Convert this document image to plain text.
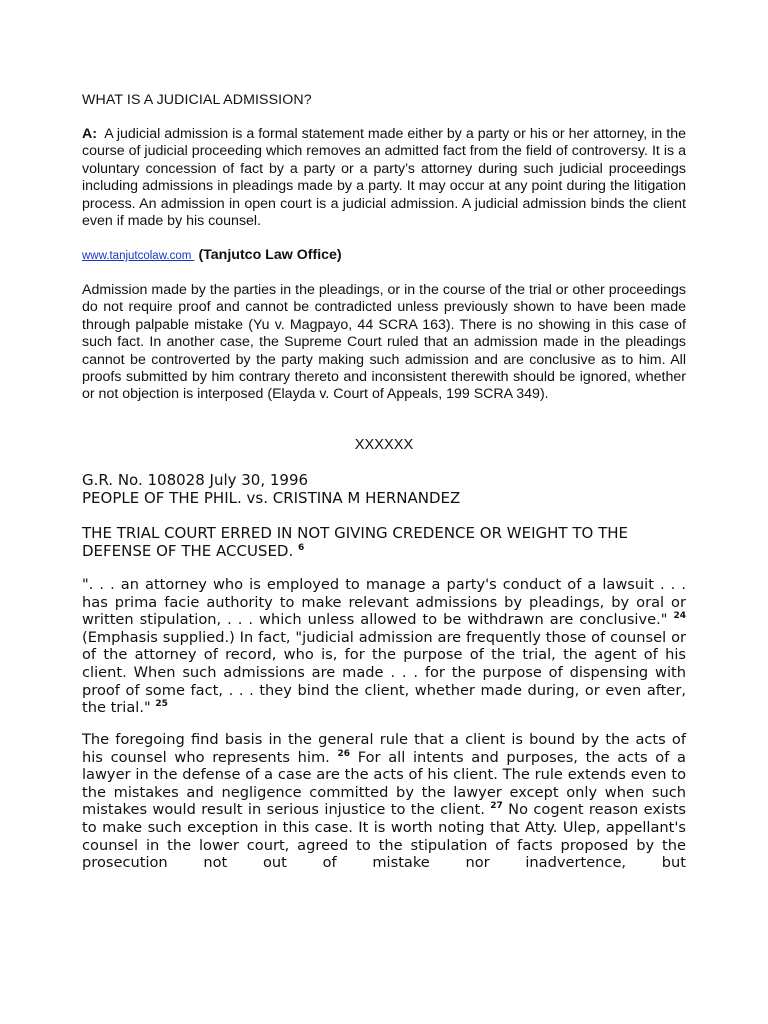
WHAT IS A JUDICIAL ADMISSION?

A: A judicial admission is a formal statement made either by a party or his or her attorney, in the course of judicial proceeding which removes an admitted fact from the field of controversy. It is a voluntary concession of fact by a party or a party’s attorney during such judicial proceedings including admissions in pleadings made by a party. It may occur at any point during the litigation process. An admission in open court is a judicial admission. A judicial admission binds the client even if made by his counsel.

www.tanjutcolaw.com  (Tanjutco Law Office)

Admission made by the parties in the pleadings, or in the course of the trial or other proceedings do not require proof and cannot be contradicted unless previously shown to have been made through palpable mistake (Yu v. Magpayo, 44 SCRA 163). There is no showing in this case of such fact. In another case, the Supreme Court ruled that an admission made in the pleadings cannot be controverted by the party making such admission and are conclusive as to him. All proofs submitted by him contrary thereto and inconsistent therewith should be ignored, whether or not objection is interposed (Elayda v. Court of Appeals, 199 SCRA 349).

XXXXXX

G.R. No. 108028 July 30, 1996

PEOPLE OF THE PHIL. vs. CRISTINA M HERNANDEZ

THE TRIAL COURT ERRED IN NOT GIVING CREDENCE OR WEIGHT TO THE DEFENSE OF THE ACCUSED. $^6$

". . . an attorney who is employed to manage a party's conduct of a lawsuit . . . has prima facie authority to make relevant admissions by pleadings, by oral or written stipulation, . . . which unless allowed to be withdrawn are conclusive." $^{24}$ (Emphasis supplied.) In fact, "judicial admission are frequently those of counsel or of the attorney of record, who is, for the purpose of the trial, the agent of his client. When such admissions are made . . . for the purpose of dispensing with proof of some fact, . . . they bind the client, whether made during, or even after, the trial." $^{25}$

The foregoing find basis in the general rule that a client is bound by the acts of his counsel who represents him. $^{26}$ For all intents and purposes, the acts of a lawyer in the defense of a case are the acts of his client. The rule extends even to the mistakes and negligence committed by the lawyer except only when such mistakes would result in serious injustice to the client. $^{27}$ No cogent reason exists to make such exception in this case. It is worth noting that Atty. Ulep, appellant's counsel in the lower court, agreed to the stipulation of facts proposed by the prosecution not out of mistake nor inadvertence, but
